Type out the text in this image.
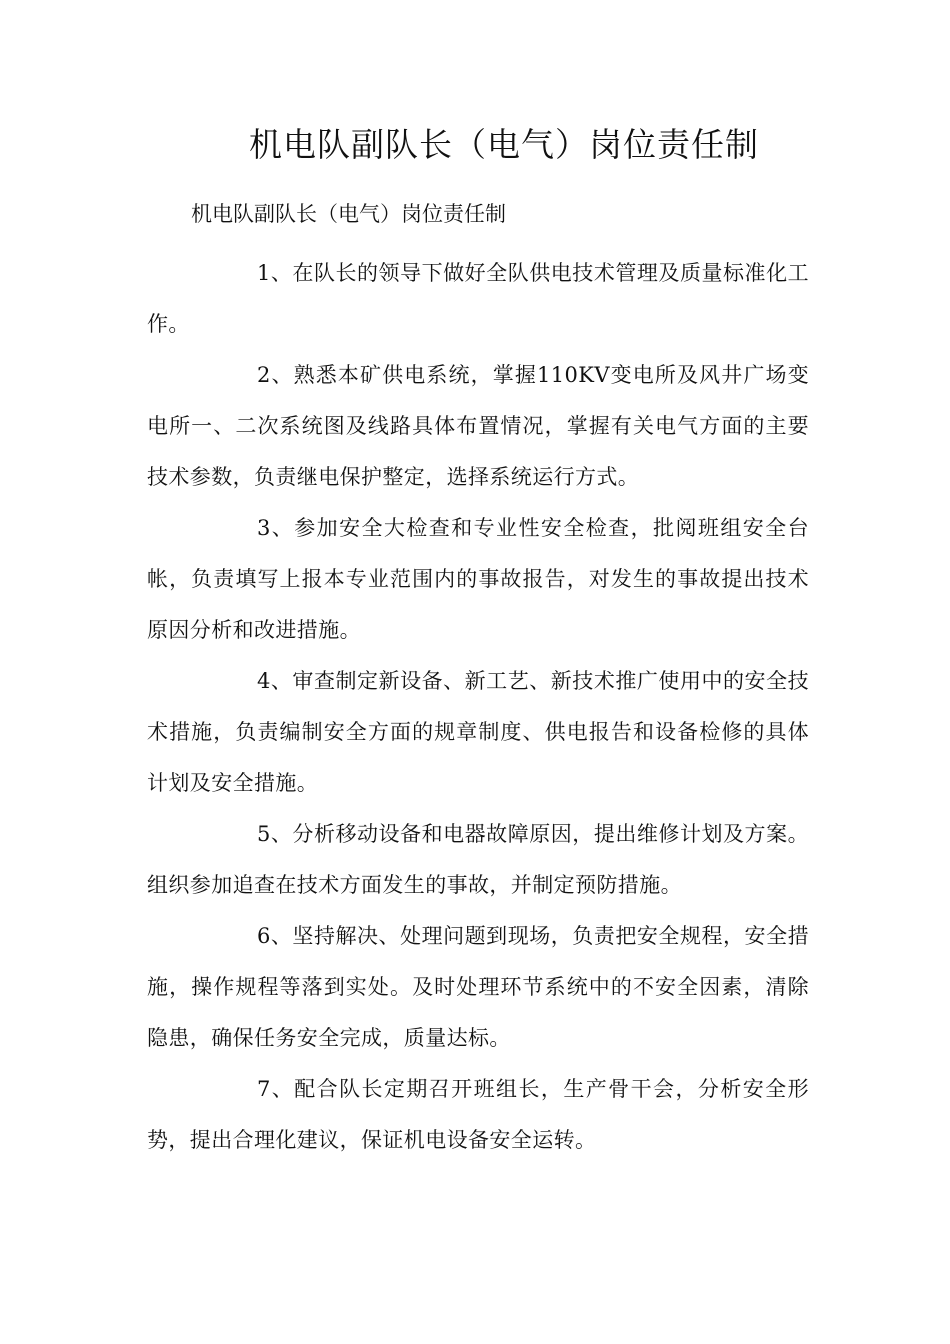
机电队副队长（电气）岗位责任制

机电队副队长（电气）岗位责任制

1、在队长的领导下做好全队供电技术管理及质量标准化工作。

2、熟悉本矿供电系统，掌握110KV变电所及风井广场变电所一、二次系统图及线路具体布置情况，掌握有关电气方面的主要技术参数，负责继电保护整定，选择系统运行方式。

3、参加安全大检查和专业性安全检查，批阅班组安全台帐，负责填写上报本专业范围内的事故报告，对发生的事故提出技术原因分析和改进措施。

4、审查制定新设备、新工艺、新技术推广使用中的安全技术措施，负责编制安全方面的规章制度、供电报告和设备检修的具体计划及安全措施。

5、分析移动设备和电器故障原因，提出维修计划及方案。组织参加追查在技术方面发生的事故，并制定预防措施。

6、坚持解决、处理问题到现场，负责把安全规程，安全措施，操作规程等落到实处。及时处理环节系统中的不安全因素，清除隐患，确保任务安全完成，质量达标。

7、配合队长定期召开班组长，生产骨干会，分析安全形势，提出合理化建议，保证机电设备安全运转。
